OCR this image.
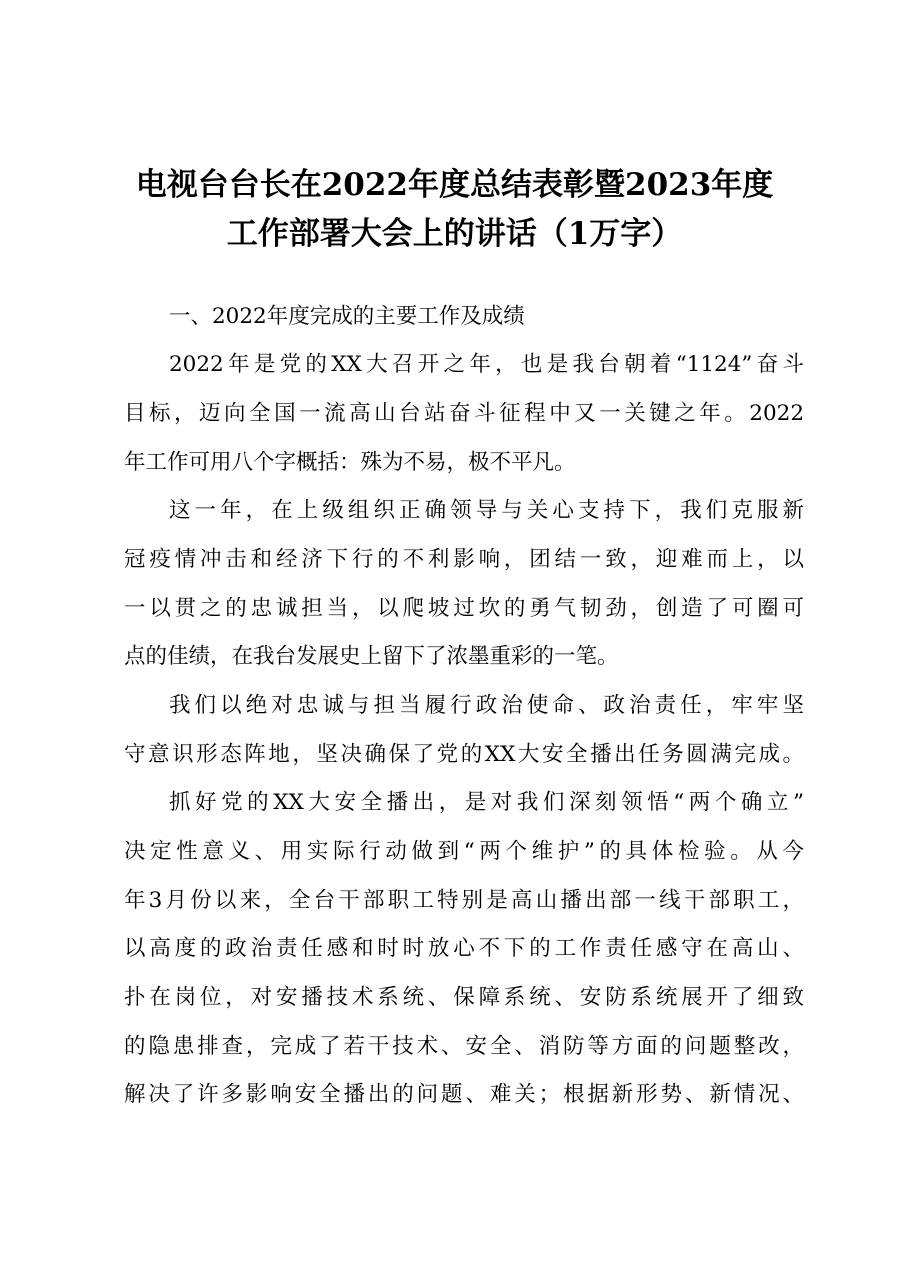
电视台台长在2022年度总结表彰暨2023年度
工作部署大会上的讲话（1万字）
一、2022年度完成的主要工作及成绩
2022年是党的XX大召开之年，也是我台朝着“1124”奋斗
目标，迈向全国一流高山台站奋斗征程中又一关键之年。2022
年工作可用八个字概括：殊为不易，极不平凡。
这一年，在上级组织正确领导与关心支持下，我们克服新
冠疫情冲击和经济下行的不利影响，团结一致，迎难而上，以
一以贯之的忠诚担当，以爬坡过坎的勇气韧劲，创造了可圈可
点的佳绩，在我台发展史上留下了浓墨重彩的一笔。
我们以绝对忠诚与担当履行政治使命、政治责任，牢牢坚
守意识形态阵地，坚决确保了党的XX大安全播出任务圆满完成。
抓好党的XX大安全播出，是对我们深刻领悟“两个确立”
决定性意义、用实际行动做到“两个维护”的具体检验。从今
年3月份以来，全台干部职工特别是高山播出部一线干部职工，
以高度的政治责任感和时时放心不下的工作责任感守在高山、
扑在岗位，对安播技术系统、保障系统、安防系统展开了细致
的隐患排查，完成了若干技术、安全、消防等方面的问题整改，
解决了许多影响安全播出的问题、难关；根据新形势、新情况、
